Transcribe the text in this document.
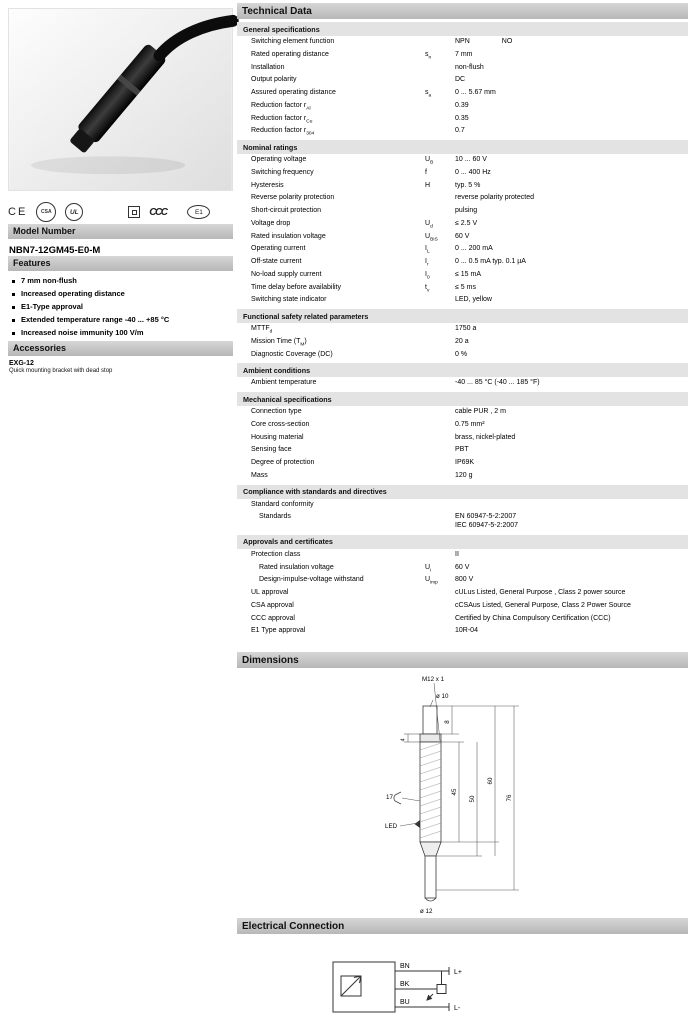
CE	CSA	UL	CCC	E1
Model Number
NBN7-12GM45-E0-M
Features
7 mm non-flush
Increased operating distance
E1-Type approval
Extended temperature range -40 ... +85 °C
Increased noise immunity 100 V/m
Accessories
EXG-12
Quick mounting bracket with dead stop
Technical Data
General specifications
Switching element function	NPN	NO
Rated operating distance	$s_n$	7 mm
Installation	non-flush
Output polarity	DC
Assured operating distance	$s_a$	0 ... 5.67 mm
Reduction factor $r_{Al}$	0.39
Reduction factor $r_{Cu}$	0.35
Reduction factor $r_{304}$	0.7
Nominal ratings
Operating voltage	$U_B$	10 ... 60 V
Switching frequency	f	0 ... 400 Hz
Hysteresis	H	typ. 5 %
Reverse polarity protection	reverse polarity protected
Short-circuit protection	pulsing
Voltage drop	$U_d$	≤ 2.5 V
Rated insulation voltage	$U_{BIS}$	60 V
Operating current	$I_L$	0 ... 200 mA
Off-state current	$I_r$	0 ... 0.5 mA typ. 0.1 µA
No-load supply current	$I_0$	≤ 15 mA
Time delay before availability	$t_v$	≤ 5 ms
Switching state indicator	LED, yellow
Functional safety related parameters
$MTTF_d$	1750 a
Mission Time $(T_M)$	20 a
Diagnostic Coverage (DC)	0 %
Ambient conditions
Ambient temperature	-40 ... 85 °C (-40 ... 185 °F)
Mechanical specifications
Connection type	cable PUR , 2 m
Core cross-section	0.75 mm²
Housing material	brass, nickel-plated
Sensing face	PBT
Degree of protection	IP69K
Mass	120 g
Compliance with standards and directives
Standard conformity
Standards	EN 60947-5-2:2007
IEC 60947-5-2:2007
Approvals and certificates
Protection class	II
Rated insulation voltage	$U_i$	60 V
Design-impulse-voltage withstand	$U_{imp}$	800 V
UL approval	cULus Listed, General Purpose , Class 2 power source
CSA approval	cCSAus Listed, General Purpose, Class 2 Power Source
CCC approval	Certified by China Compulsory Certification (CCC)
E1 Type approval	10R-04
Dimensions
M12 x 1
ø 10
ø 12
17
LED
8
4
45
50
60
76
Electrical Connection
BN
BK
BU
L+
L-
